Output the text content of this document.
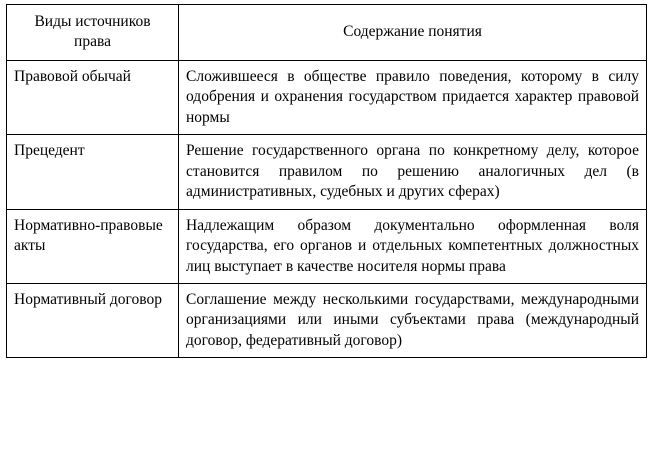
Виды источников права	Содержание понятия
Правовой обычай	Сложившееся в обществе правило поведения, которому в силу одобрения и охранения государством придается характер правовой нормы
Прецедент	Решение государственного органа по конкретному делу, которое становится правилом по решению аналогичных дел (в административных, судебных и других сферах)
Нормативно-правовые акты	Надлежащим образом документально оформленная воля государства, его органов и отдельных компетентных должностных лиц выступает в качестве носителя нормы права
Нормативный договор	Соглашение между несколькими государствами, международными организациями или иными субъектами права (международный договор, федеративный договор)
